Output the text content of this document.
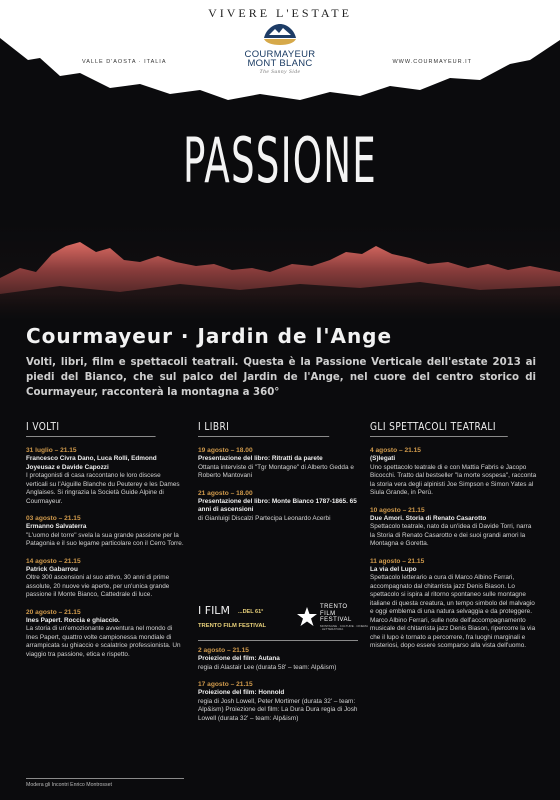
VIVERE L'ESTATE
VALLE D'AOSTA · ITALIA	WWW.COURMAYEUR.IT
COURMAYEUR
MONT BLANC
The Sunny Side
PASSIONE
Courmayeur · Jardin de l'Ange
Volti, libri, film e spettacoli teatrali. Questa è la Passione Verticale dell'estate 2013 ai piedi del Bianco, che sul palco del Jardin de l'Ange, nel cuore del centro storico di Courmayeur, racconterà la montagna a 360°
I VOLTI
31 luglio – 21.15
Francesco Civra Dano, Luca Rolli, Edmond Joyeusaz e Davide Capozzi
I protagonisti di casa raccontano le loro discese verticali su l'Aiguille Blanche du Peuterey e les Dames Anglaises. Si ringrazia la Società Guide Alpine di Courmayeur.
03 agosto – 21.15
Ermanno Salvaterra
"L'uomo del torre" svela la sua grande passione per la Patagonia e il suo legame particolare con il Cerro Torre.
14 agosto – 21.15
Patrick Gabarrou
Oltre 300 ascensioni al suo attivo, 30 anni di prime assolute, 20 nuove vie aperte, per un'unica grande passione il Monte Bianco, Cattedrale di luce.
20 agosto – 21.15
Ines Papert. Roccia e ghiaccio.
La storia di un'emozionante avventura nel mondo di Ines Papert, quattro volte campionessa mondiale di arrampicata su ghiaccio e scalatrice professionista. Un viaggio tra passione, etica e rispetto.
Modera gli Incontri Enrico Montrosset
I LIBRI
19 agosto – 18.00
Presentazione del libro: Ritratti da parete
Ottanta interviste di "Tgr Montagne" di Alberto Gedda e Roberto Mantovani
21 agosto – 18.00
Presentazione del libro: Monte Bianco 1787-1865. 65 anni di ascensioni
di Gianluigi Discalzi Partecipa Leonardo Acerbi
I FILM ...DEL 61°
TRENTO FILM FESTIVAL
TRENTO
FILM
FESTIVAL
MONTAGNE · CULTURE · CINEMA · LETTERATURA
2 agosto – 21.15
Proiezione del film: Autana
regia di Alastair Lee (durata 58' – team: Alp&ism)
17 agosto – 21.15
Proiezione del film: Honnold
regia di Josh Lowell, Peter Mortimer (durata 32' – team: Alp&ism) Proiezione del film: La Dura Dura regia di Josh Lowell (durata 32' – team: Alp&ism)
GLI SPETTACOLI TEATRALI
4 agosto – 21.15
(S)legati
Uno spettacolo teatrale di e con Mattia Fabris e Jacopo Bicocchi. Tratto dal bestseller "la morte sospesa", racconta la storia vera degli alpinisti Joe Simpson e Simon Yates al Siula Grande, in Perù.
10 agosto – 21.15
Due Amori. Storia di Renato Casarotto
Spettacolo teatrale, nato da un'idea di Davide Torri, narra la Storia di Renato Casarotto e dei suoi grandi amori la Montagna e Goretta.
11 agosto – 21.15
La via del Lupo
Spettacolo letterario a cura di Marco Albino Ferrari, accompagnato dal chitarrista jazz Denis Biason. Lo spettacolo si ispira al ritorno spontaneo sulle montagne italiane di questa creatura, un tempo simbolo del malvagio e oggi emblema di una natura selvaggia e da proteggere. Marco Albino Ferrari, sulle note dell'accompagnamento musicale del chitarrista jazz Denis Biason, ripercorre la via che il lupo è tornato a percorrere, fra luoghi marginali e misteriosi, dopo essere scomparso alla vista dell'uomo.
